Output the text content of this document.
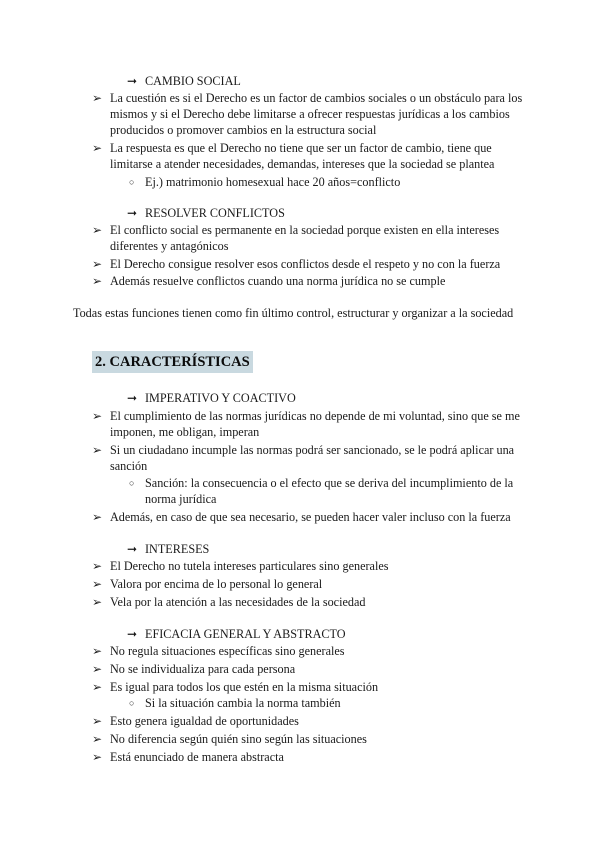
➞ CAMBIO SOCIAL
➢ La cuestión es si el Derecho es un factor de cambios sociales o un obstáculo para los
mismos y si el Derecho debe limitarse a ofrecer respuestas jurídicas a los cambios
producidos o promover cambios en la estructura social
➢ La respuesta es que el Derecho no tiene que ser un factor de cambio, tiene que
limitarse a atender necesidades, demandas, intereses que la sociedad se plantea
○ Ej.) matrimonio homesexual hace 20 años=conflicto
➞ RESOLVER CONFLICTOS
➢ El conflicto social es permanente en la sociedad porque existen en ella intereses
diferentes y antagónicos
➢ El Derecho consigue resolver esos conflictos desde el respeto y no con la fuerza
➢ Además resuelve conflictos cuando una norma jurídica no se cumple
Todas estas funciones tienen como fin último control, estructurar y organizar a la sociedad
2. CARACTERÍSTICAS
➞ IMPERATIVO Y COACTIVO
➢ El cumplimiento de las normas jurídicas no depende de mi voluntad, sino que se me
imponen, me obligan, imperan
➢ Si un ciudadano incumple las normas podrá ser sancionado, se le podrá aplicar una
sanción
○ Sanción: la consecuencia o el efecto que se deriva del incumplimiento de la
norma jurídica
➢ Además, en caso de que sea necesario, se pueden hacer valer incluso con la fuerza
➞ INTERESES
➢ El Derecho no tutela intereses particulares sino generales
➢ Valora por encima de lo personal lo general
➢ Vela por la atención a las necesidades de la sociedad
➞ EFICACIA GENERAL Y ABSTRACTO
➢ No regula situaciones específicas sino generales
➢ No se individualiza para cada persona
➢ Es igual para todos los que estén en la misma situación
○ Si la situación cambia la norma también
➢ Esto genera igualdad de oportunidades
➢ No diferencia según quién sino según las situaciones
➢ Está enunciado de manera abstracta
